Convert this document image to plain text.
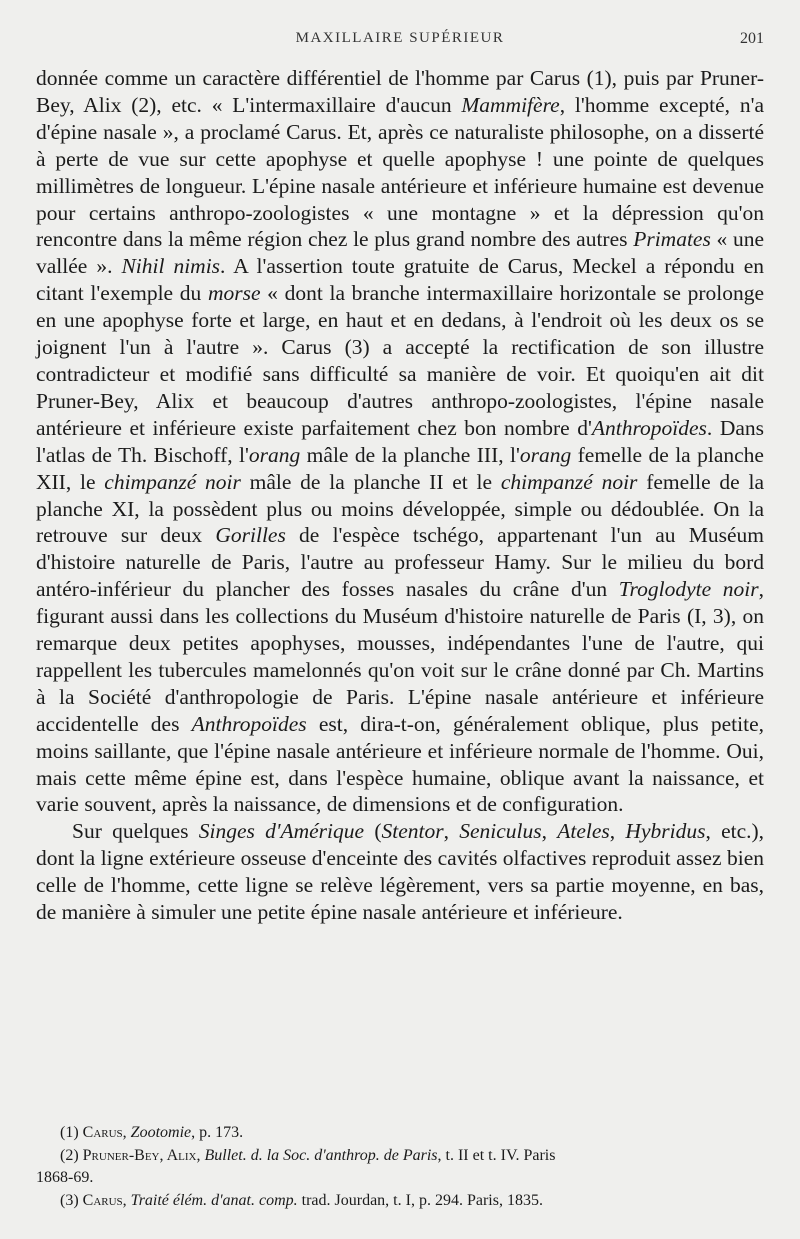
MAXILLAIRE SUPÉRIEUR	201

donnée comme un caractère différentiel de l'homme par Carus (1), puis par Pruner-Bey, Alix (2), etc. « L'intermaxillaire d'aucun Mammifère, l'homme excepté, n'a d'épine nasale », a proclamé Carus. Et, après ce naturaliste philosophe, on a disserté à perte de vue sur cette apophyse et quelle apophyse ! une pointe de quelques millimètres de longueur. L'épine nasale antérieure et inférieure humaine est devenue pour certains anthropo-zoologistes « une montagne » et la dépression qu'on rencontre dans la même région chez le plus grand nombre des autres Primates « une vallée ». Nihil nimis. A l'assertion toute gratuite de Carus, Meckel a répondu en citant l'exemple du morse « dont la branche intermaxillaire horizontale se prolonge en une apophyse forte et large, en haut et en dedans, à l'endroit où les deux os se joignent l'un à l'autre ». Carus (3) a accepté la rectification de son illustre contradicteur et modifié sans difficulté sa manière de voir. Et quoiqu'en ait dit Pruner-Bey, Alix et beaucoup d'autres anthropo-zoologistes, l'épine nasale antérieure et inférieure existe parfaitement chez bon nombre d'Anthropoïdes. Dans l'atlas de Th. Bischoff, l'orang mâle de la planche III, l'orang femelle de la planche XII, le chimpanzé noir mâle de la planche II et le chimpanzé noir femelle de la planche XI, la possèdent plus ou moins développée, simple ou dédoublée. On la retrouve sur deux Gorilles de l'espèce tschégo, appartenant l'un au Muséum d'histoire naturelle de Paris, l'autre au professeur Hamy. Sur le milieu du bord antéro-inférieur du plancher des fosses nasales du crâne d'un Troglodyte noir, figurant aussi dans les collections du Muséum d'histoire naturelle de Paris (I, 3), on remarque deux petites apophyses, mousses, indépendantes l'une de l'autre, qui rappellent les tubercules mamelonnés qu'on voit sur le crâne donné par Ch. Martins à la Société d'anthropologie de Paris. L'épine nasale antérieure et inférieure accidentelle des Anthropoïdes est, dira-t-on, généralement oblique, plus petite, moins saillante, que l'épine nasale antérieure et inférieure normale de l'homme. Oui, mais cette même épine est, dans l'espèce humaine, oblique avant la naissance, et varie souvent, après la naissance, de dimensions et de configuration.

Sur quelques Singes d'Amérique (Stentor, Seniculus, Ateles, Hybridus, etc.), dont la ligne extérieure osseuse d'enceinte des cavités olfactives reproduit assez bien celle de l'homme, cette ligne se relève légèrement, vers sa partie moyenne, en bas, de manière à simuler une petite épine nasale antérieure et inférieure.

(1) Carus, Zootomie, p. 173.

(2) Pruner-Bey, Alix, Bullet. d. la Soc. d'anthrop. de Paris, t. II et t. IV. Paris

1868-69.

(3) Carus, Traité élém. d'anat. comp. trad. Jourdan, t. I, p. 294. Paris, 1835.
